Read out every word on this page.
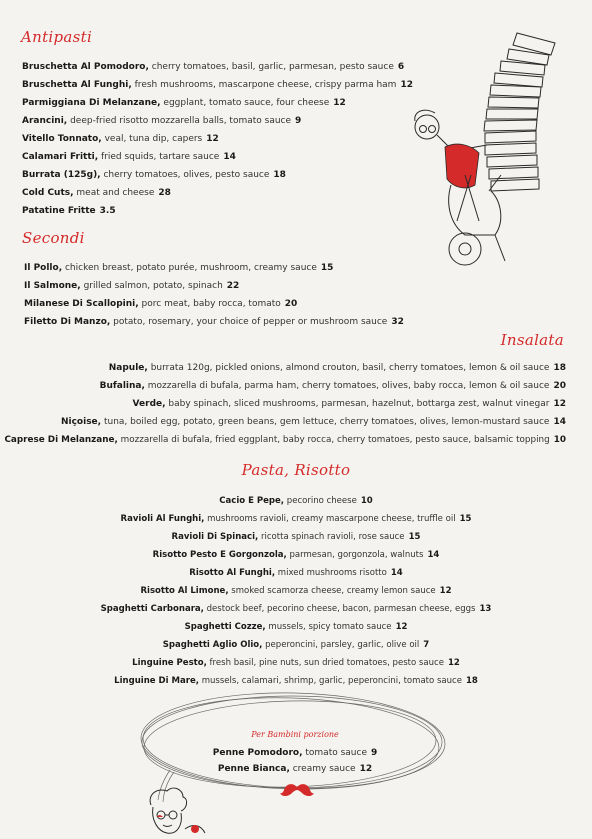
Antipasti
Bruschetta Al Pomodoro, cherry tomatoes, basil, garlic, parmesan, pesto sauce 6
Bruschetta Al Funghi, fresh mushrooms, mascarpone cheese, crispy parma ham 12
Parmiggiana Di Melanzane, eggplant, tomato sauce, four cheese 12
Arancini, deep-fried risotto mozzarella balls, tomato sauce 9
Vitello Tonnato, veal, tuna dip, capers 12
Calamari Fritti, fried squids, tartare sauce 14
Burrata (125g), cherry tomatoes, olives, pesto sauce 18
Cold Cuts, meat and cheese 28
Patatine Fritte 3.5
Secondi
Il Pollo, chicken breast, potato purée, mushroom, creamy sauce 15
Il Salmone, grilled salmon, potato, spinach 22
Milanese Di Scallopini, porc meat, baby rocca, tomato 20
Filetto Di Manzo, potato, rosemary, your choice of pepper or mushroom sauce 32
Insalata
Napule, burrata 120g, pickled onions, almond crouton, basil, cherry tomatoes, lemon & oil sauce 18
Bufalina, mozzarella di bufala, parma ham, cherry tomatoes, olives, baby rocca, lemon & oil sauce 20
Verde, baby spinach, sliced mushrooms, parmesan, hazelnut, bottarga zest, walnut vinegar 12
Niçoise, tuna, boiled egg, potato, green beans, gem lettuce, cherry tomatoes, olives, lemon-mustard sauce 14
Caprese Di Melanzane, mozzarella di bufala, fried eggplant, baby rocca, cherry tomatoes, pesto sauce, balsamic topping 10
Pasta, Risotto
Cacio E Pepe, pecorino cheese 10
Ravioli Al Funghi, mushrooms ravioli, creamy mascarpone cheese, truffle oil 15
Ravioli Di Spinaci, ricotta spinach ravioli, rose sauce 15
Risotto Pesto E Gorgonzola, parmesan, gorgonzola, walnuts 14
Risotto Al Funghi, mixed mushrooms risotto 14
Risotto Al Limone, smoked scamorza cheese, creamy lemon sauce 12
Spaghetti Carbonara, destock beef, pecorino cheese, bacon, parmesan cheese, eggs 13
Spaghetti Cozze, mussels, spicy tomato sauce 12
Spaghetti Aglio Olio, peperoncini, parsley, garlic, olive oil 7
Linguine Pesto, fresh basil, pine nuts, sun dried tomatoes, pesto sauce 12
Linguine Di Mare, mussels, calamari, shrimp, garlic, peperoncini, tomato sauce 18
Per Bambini porzione
Penne Pomodoro, tomato sauce 9
Penne Bianca, creamy sauce 12
